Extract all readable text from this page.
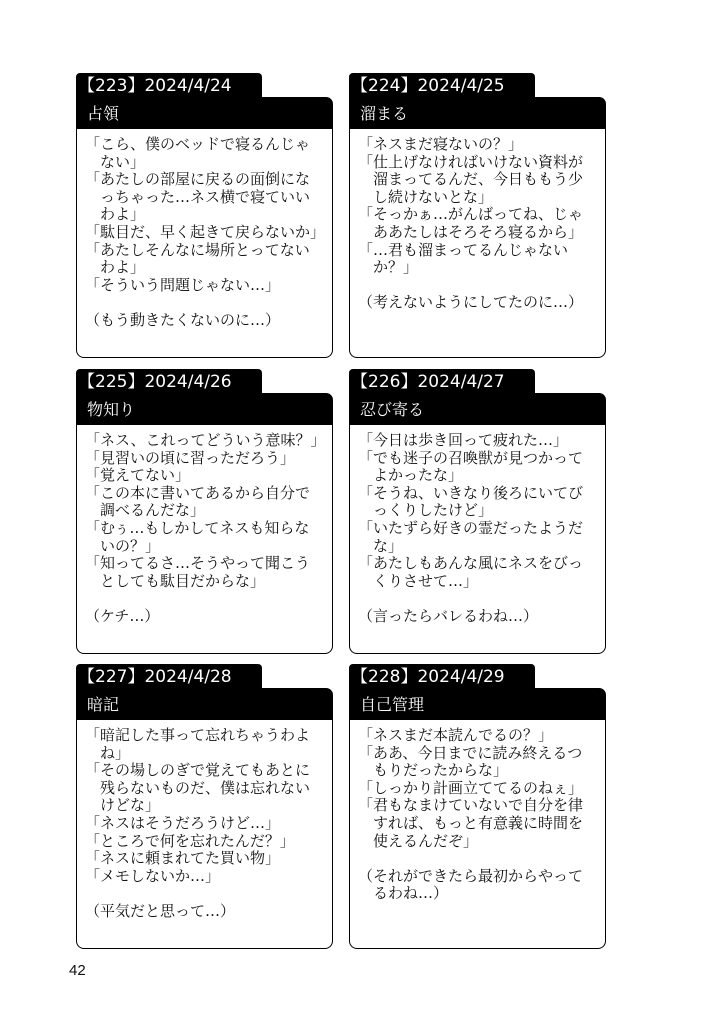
【223】2024/4/24
占領
「こら、僕のベッドで寝るんじゃ
ない」
「あたしの部屋に戻るの面倒にな
っちゃった…ネス横で寝ていい
わよ」
「駄目だ、早く起きて戻らないか」
「あたしそんなに場所とってない
わよ」
「そういう問題じゃない…」
（もう動きたくないのに…）
【224】2024/4/25
溜まる
「ネスまだ寝ないの？」
「仕上げなければいけない資料が
溜まってるんだ、今日ももう少
し続けないとな」
「そっかぁ…がんばってね、じゃ
ああたしはそろそろ寝るから」
「…君も溜まってるんじゃない
か？」
（考えないようにしてたのに…）
【225】2024/4/26
物知り
「ネス、これってどういう意味？」
「見習いの頃に習っただろう」
「覚えてない」
「この本に書いてあるから自分で
調べるんだな」
「むぅ…もしかしてネスも知らな
いの？」
「知ってるさ…そうやって聞こう
としても駄目だからな」
（ケチ…）
【226】2024/4/27
忍び寄る
「今日は歩き回って疲れた…」
「でも迷子の召喚獣が見つかって
よかったな」
「そうね、いきなり後ろにいてび
っくりしたけど」
「いたずら好きの霊だったようだ
な」
「あたしもあんな風にネスをびっ
くりさせて…」
（言ったらバレるわね…）
【227】2024/4/28
暗記
「暗記した事って忘れちゃうわよ
ね」
「その場しのぎで覚えてもあとに
残らないものだ、僕は忘れない
けどな」
「ネスはそうだろうけど…」
「ところで何を忘れたんだ？」
「ネスに頼まれてた買い物」
「メモしないか…」
（平気だと思って…）
【228】2024/4/29
自己管理
「ネスまだ本読んでるの？」
「ああ、今日までに読み終えるつ
もりだったからな」
「しっかり計画立ててるのねぇ」
「君もなまけていないで自分を律
すれば、もっと有意義に時間を
使えるんだぞ」
（それができたら最初からやって
るわね…）
42
